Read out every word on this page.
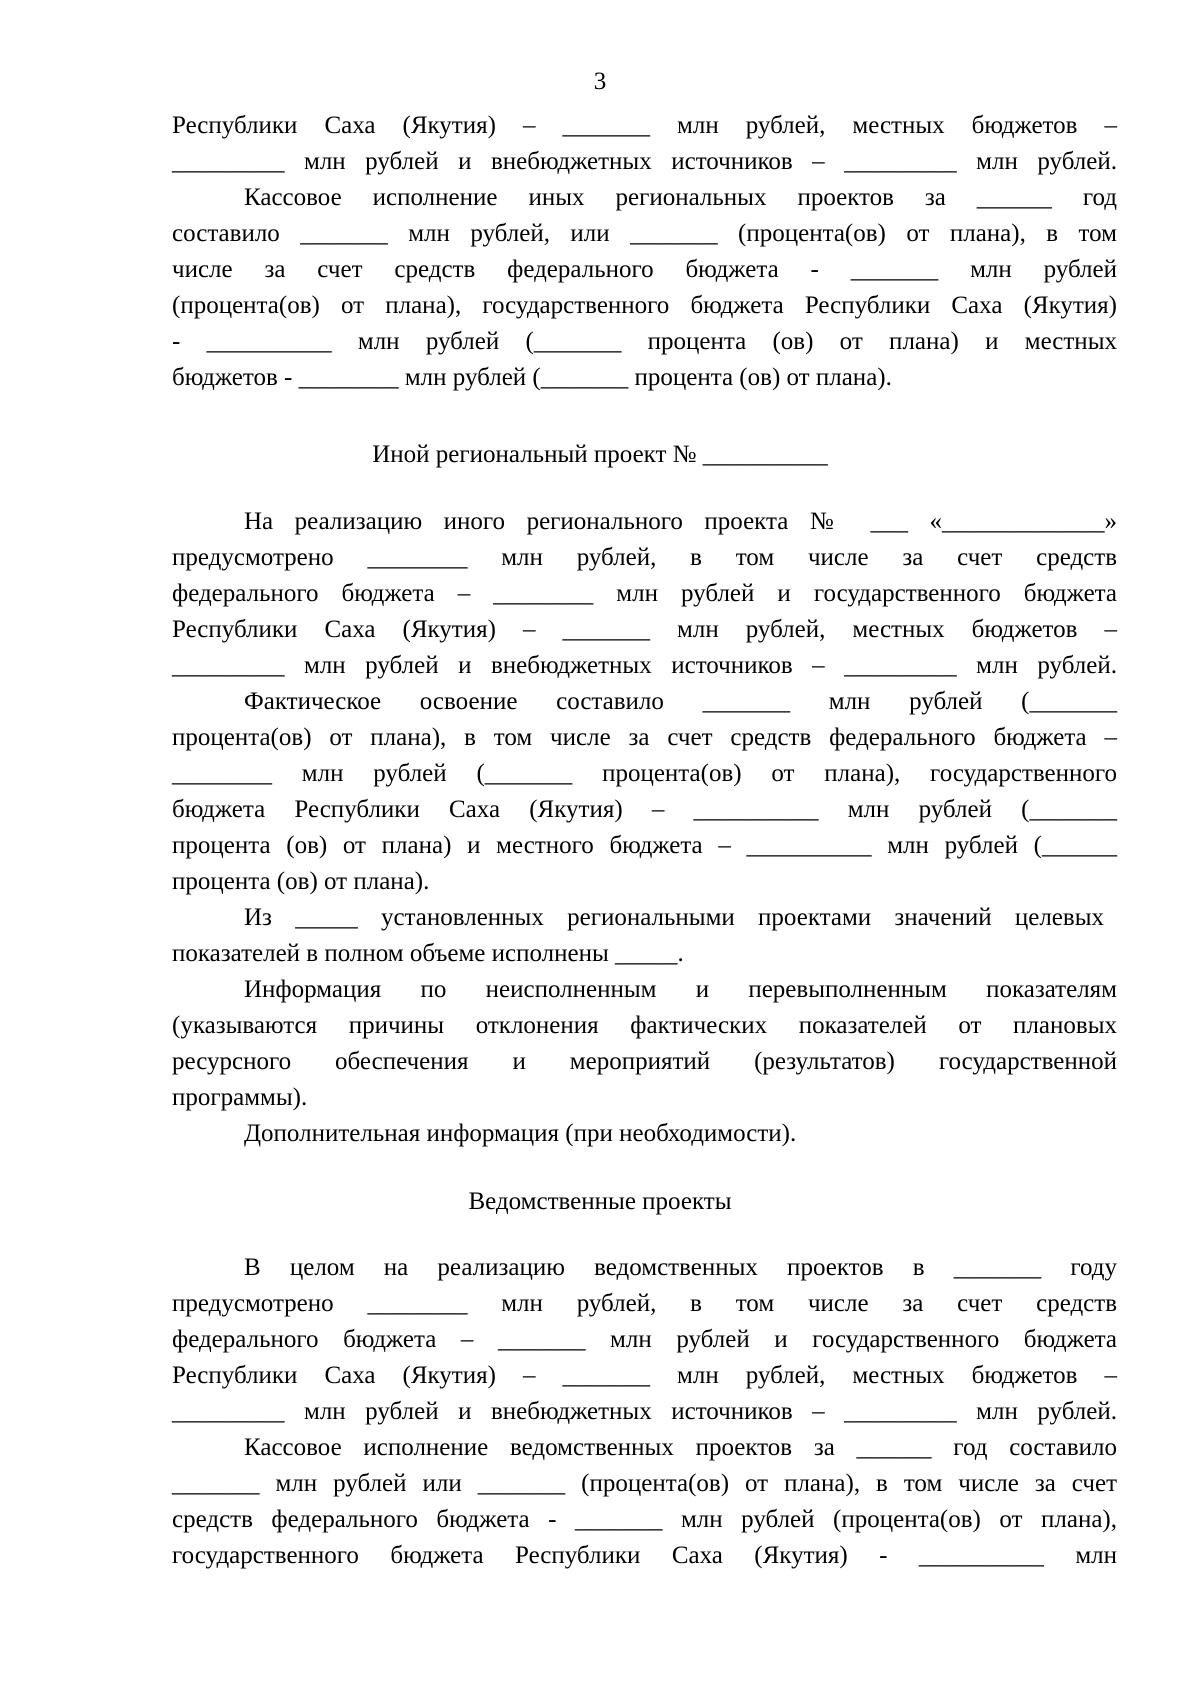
3
Республики Саха (Якутия) – _______ млн рублей, местных бюджетов –
_________ млн рублей и внебюджетных источников – _________ млн рублей.
Кассовое исполнение иных региональных проектов за ______ год
составило _______ млн рублей, или _______ (процента(ов) от плана), в том
числе за счет средств федерального бюджета - _______ млн рублей
(процента(ов) от плана), государственного бюджета Республики Саха (Якутия)
- __________ млн рублей (_______ процента (ов) от плана) и местных
бюджетов - ________ млн рублей (_______ процента (ов) от плана).
Иной региональный проект № __________
На реализацию иного регионального проекта № ___ «_____________»
предусмотрено ________ млн рублей, в том числе за счет средств
федерального бюджета – ________ млн рублей и государственного бюджета
Республики Саха (Якутия) – _______ млн рублей, местных бюджетов –
_________ млн рублей и внебюджетных источников – _________ млн рублей.
Фактическое освоение составило _______ млн рублей (_______
процента(ов) от плана), в том числе за счет средств федерального бюджета –
________ млн рублей (_______ процента(ов) от плана), государственного
бюджета Республики Саха (Якутия) – __________ млн рублей (_______
процента (ов) от плана) и местного бюджета – __________ млн рублей (______
процента (ов) от плана).
Из _____ установленных региональными проектами значений целевых
показателей в полном объеме исполнены _____.
Информация по неисполненным и перевыполненным показателям
(указываются причины отклонения фактических показателей от плановых
ресурсного обеспечения и мероприятий (результатов) государственной
программы).
Дополнительная информация (при необходимости).
Ведомственные проекты
В целом на реализацию ведомственных проектов в _______ году
предусмотрено ________ млн рублей, в том числе за счет средств
федерального бюджета – _______ млн рублей и государственного бюджета
Республики Саха (Якутия) – _______ млн рублей, местных бюджетов –
_________ млн рублей и внебюджетных источников – _________ млн рублей.
Кассовое исполнение ведомственных проектов за ______ год составило
_______ млн рублей или _______ (процента(ов) от плана), в том числе за счет
средств федерального бюджета - _______ млн рублей (процента(ов) от плана),
государственного бюджета Республики Саха (Якутия) - __________ млн
